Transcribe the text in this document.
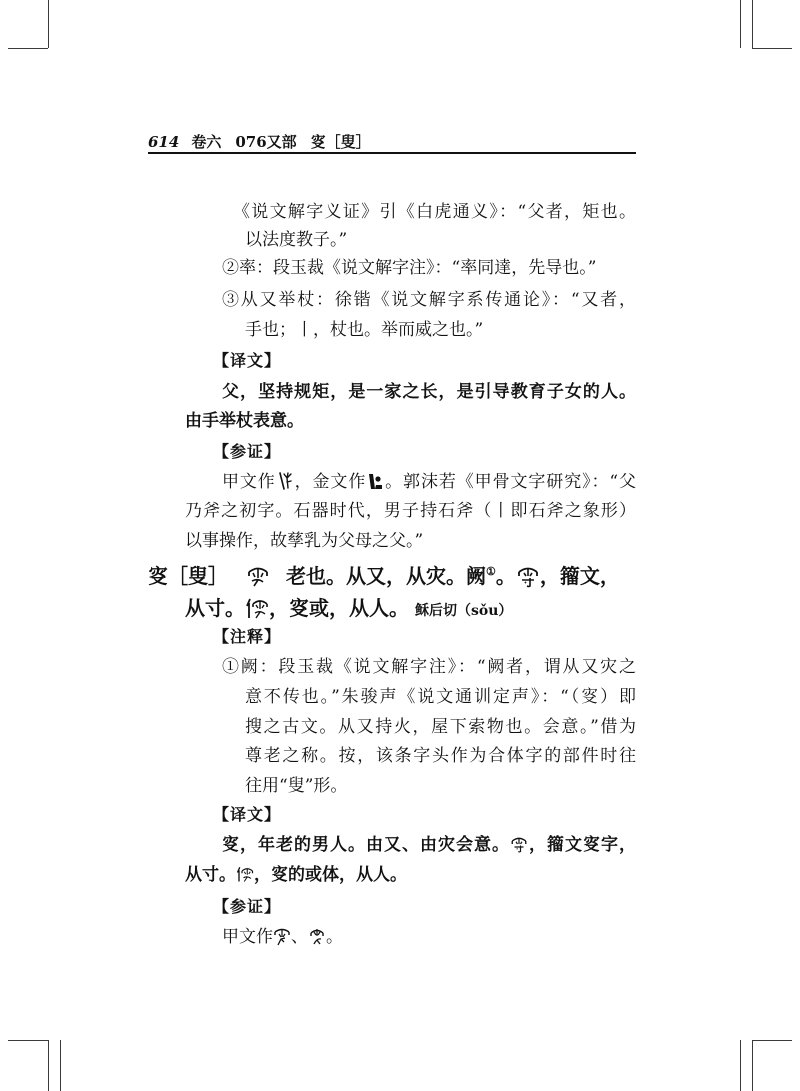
614 卷六 076又部 叜［叟］
《说文解字义证》引《白虎通义》：“父者，矩也。
以法度教子。”
②率：段玉裁《说文解字注》：“率同達，先导也。”
③从又举杖：徐锴《说文解字系传通论》：“又者，
手也；丨，杖也。举而威之也。”
【译文】
父，坚持规矩，是一家之长，是引导教育子女的人。
由手举杖表意。
【参证】
甲文作 ，金文作 。郭沫若《甲骨文字研究》：“父
乃斧之初字。石器时代，男子持石斧（丨即石斧之象形）
以事操作，故孳乳为父母之父。”
叜［叟］	老也。从又，从灾。阙①。 ，籀文，
从寸。 ，叜或，从人。 稣后切（sǒu）
【注释】
①阙：段玉裁《说文解字注》：“阙者，谓从又灾之
意不传也。”朱骏声《说文通训定声》：“（叜）即
搜之古文。从又持火，屋下索物也。会意。”借为
尊老之称。按，该条字头作为合体字的部件时往
往用“叟”形。
【译文】
叜，年老的男人。由又、由灾会意。 ，籀文叜字，
从寸。 ，叜的或体，从人。
【参证】
甲文作 、 。
